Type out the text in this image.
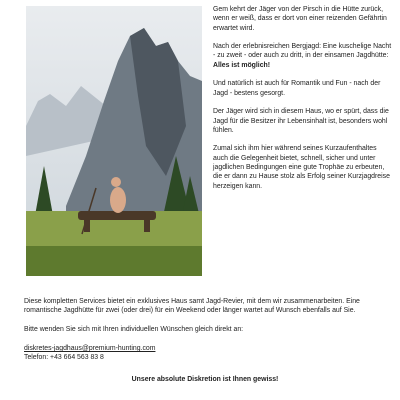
Gem kehrt der Jäger von der Pirsch in die Hütte zurück, wenn er weiß, dass er dort von einer reizenden Gefährtin erwartet wird.

Nach der erlebnisreichen Bergjagd: Eine kuschelige Nacht - zu zweit - oder auch zu dritt, in der einsamen Jagdhütte: Alles ist möglich!

Und natürlich ist auch für Romantik und Fun - nach der Jagd - bestens gesorgt.

Der Jäger wird sich in diesem Haus, wo er spürt, dass die Jagd für die Besitzer ihr Lebensinhalt ist, besonders wohl fühlen.

Zumal sich ihm hier während seines Kurzaufenthaltes auch die Gelegenheit bietet, schnell, sicher und unter jagdlichen Bedingungen eine gute Trophäe zu erbeuten, die er dann zu Hause stolz als Erfolg seiner Kurzjagdreise herzeigen kann.

Diese kompletten Services bietet ein exklusives Haus samt Jagd-Revier, mit dem wir zusammenarbeiten. Eine romantische Jagdhütte für zwei (oder drei) für ein Weekend oder länger wartet auf Wunsch ebenfalls auf Sie.

Bitte wenden Sie sich mit Ihren individuellen Wünschen gleich direkt an:

diskretes-jagdhaus@premium-hunting.com
Telefon: +43 664 563 83 8

Unsere absolute Diskretion ist Ihnen gewiss!
